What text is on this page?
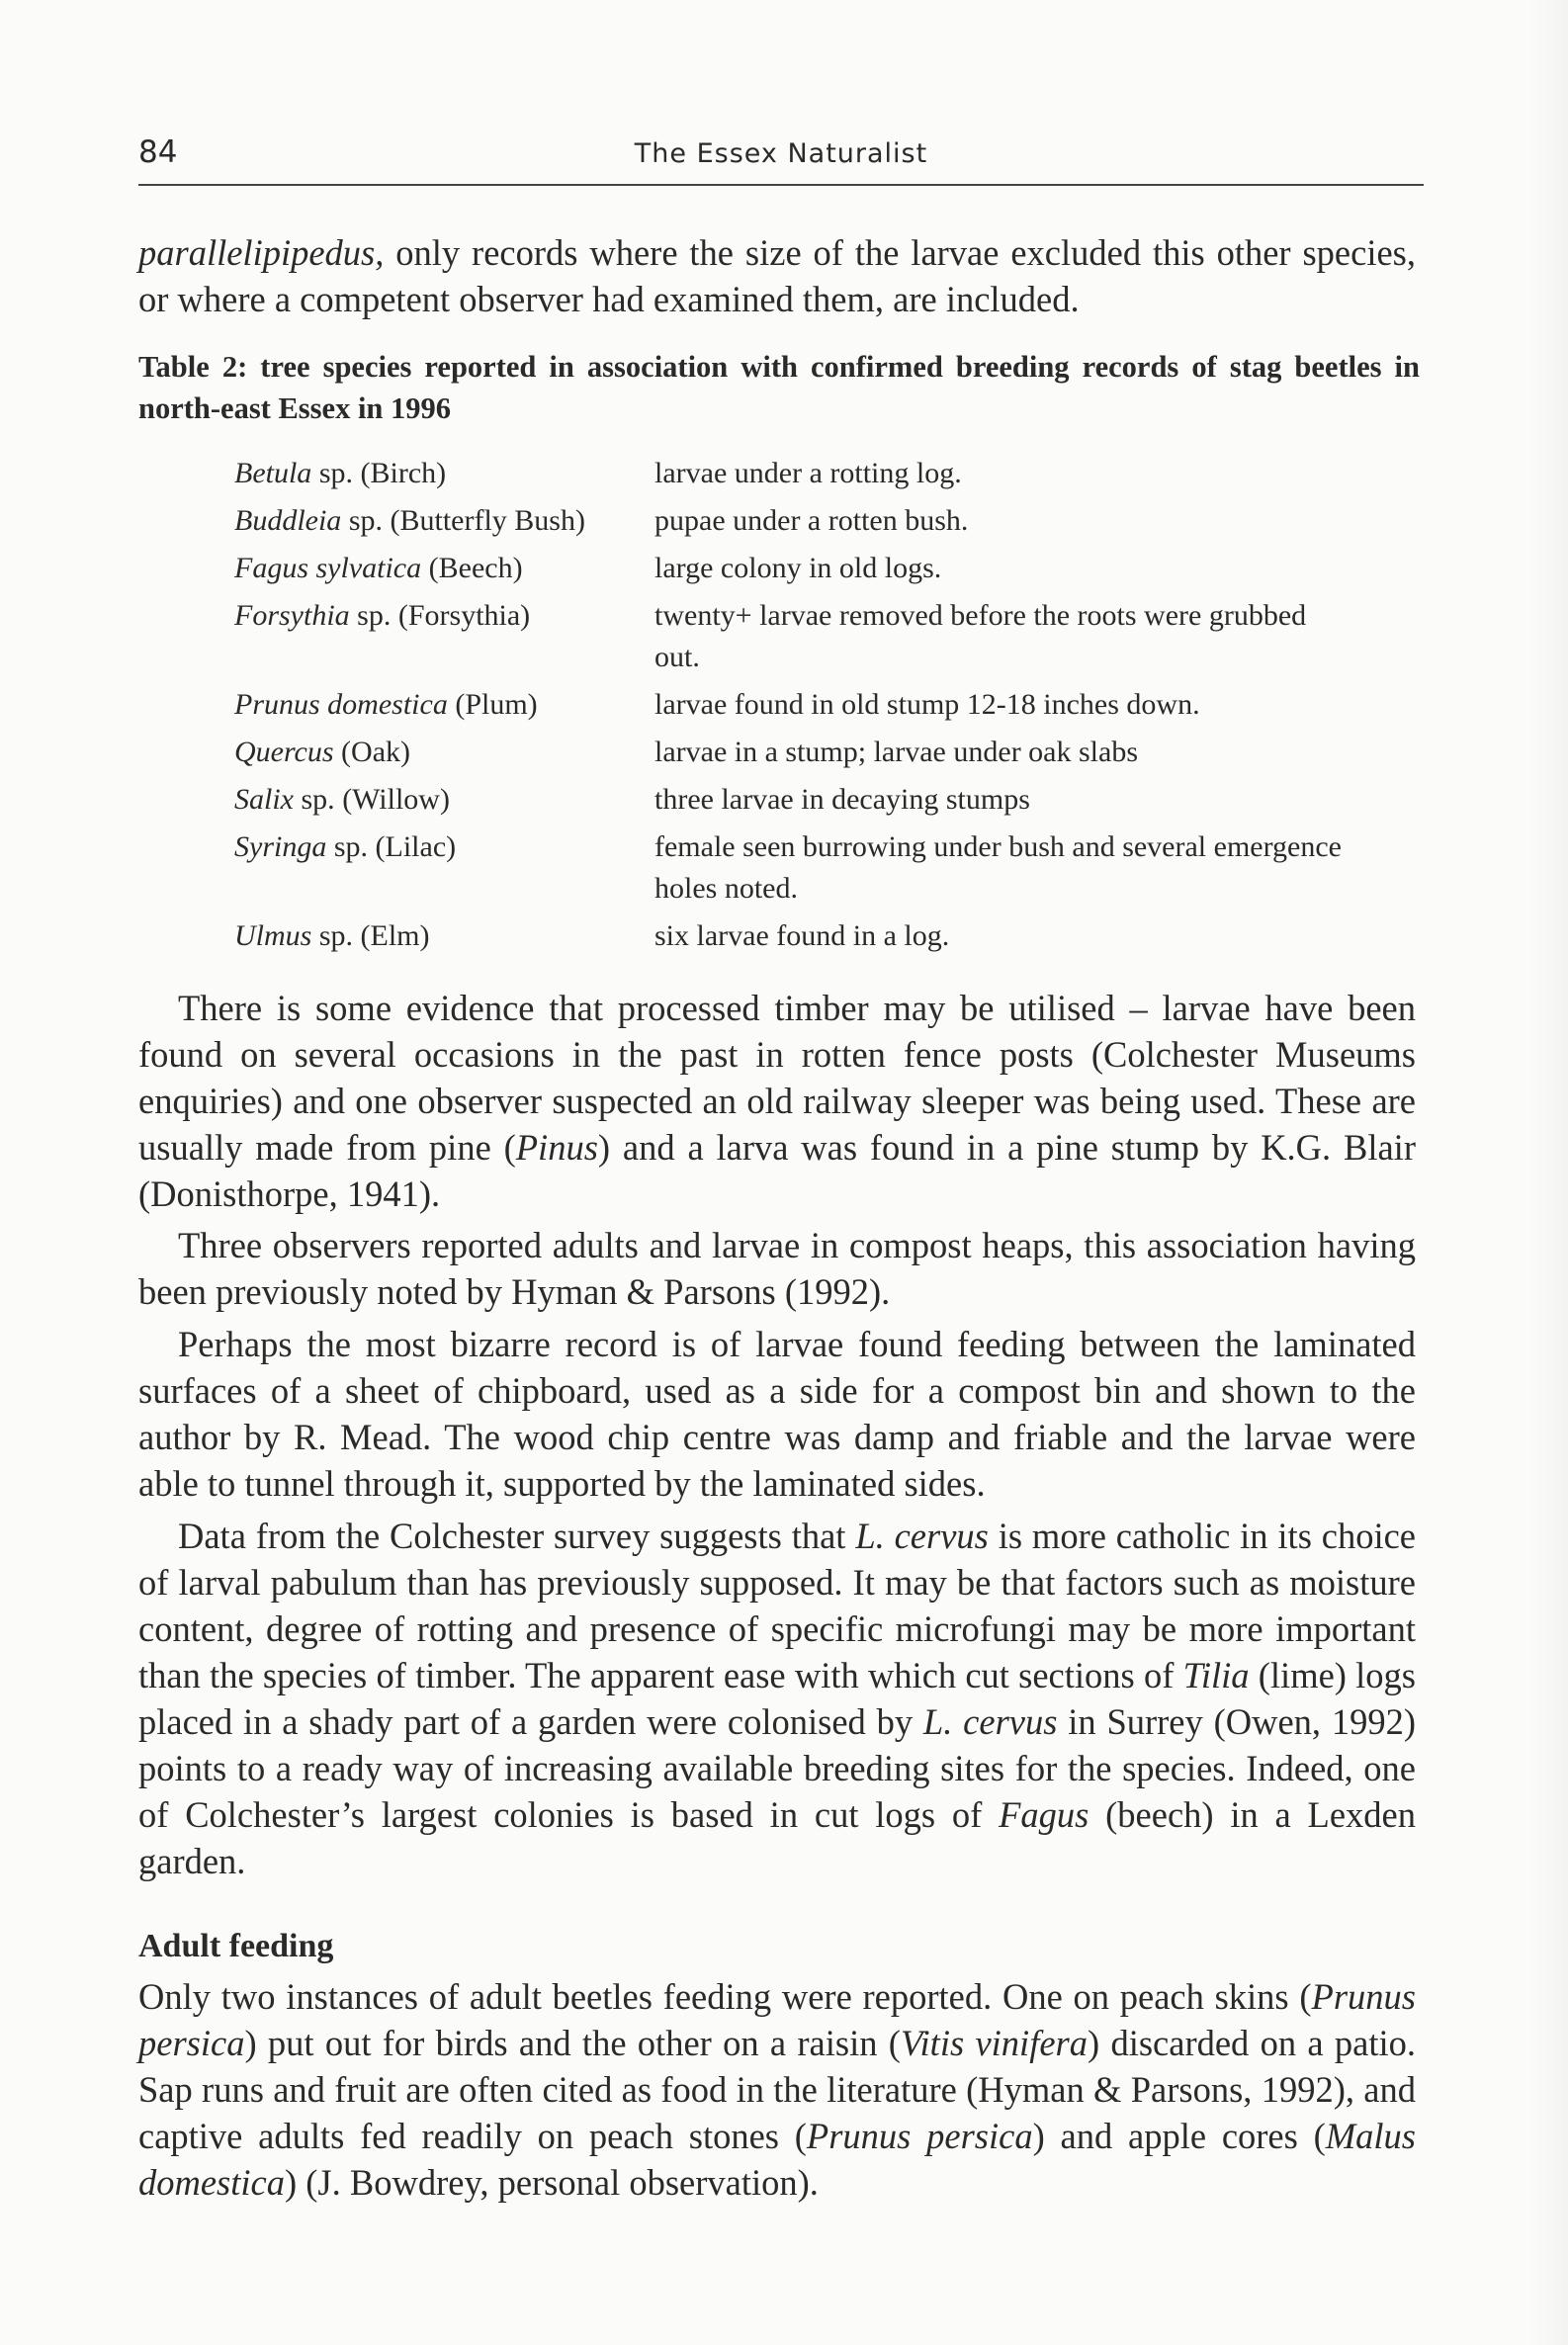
84	The Essex Naturalist

parallelipipedus, only records where the size of the larvae excluded this other species, or where a competent observer had examined them, are included.

Table 2: tree species reported in association with confirmed breeding records of stag beetles in north-east Essex in 1996

Betula sp. (Birch)	larvae under a rotting log.
Buddleia sp. (Butterfly Bush)	pupae under a rotten bush.
Fagus sylvatica (Beech)	large colony in old logs.
Forsythia sp. (Forsythia)	twenty+ larvae removed before the roots were grubbed out.
Prunus domestica (Plum)	larvae found in old stump 12-18 inches down.
Quercus (Oak)	larvae in a stump; larvae under oak slabs
Salix sp. (Willow)	three larvae in decaying stumps
Syringa sp. (Lilac)	female seen burrowing under bush and several emergence holes noted.
Ulmus sp. (Elm)	six larvae found in a log.

There is some evidence that processed timber may be utilised – larvae have been found on several occasions in the past in rotten fence posts (Colchester Museums enquiries) and one observer suspected an old railway sleeper was being used. These are usually made from pine (Pinus) and a larva was found in a pine stump by K.G. Blair (Donisthorpe, 1941).

Three observers reported adults and larvae in compost heaps, this association having been previously noted by Hyman & Parsons (1992).

Perhaps the most bizarre record is of larvae found feeding between the laminated surfaces of a sheet of chipboard, used as a side for a compost bin and shown to the author by R. Mead. The wood chip centre was damp and friable and the larvae were able to tunnel through it, supported by the laminated sides.

Data from the Colchester survey suggests that L. cervus is more catholic in its choice of larval pabulum than has previously supposed. It may be that factors such as moisture content, degree of rotting and presence of specific microfungi may be more important than the species of timber. The apparent ease with which cut sections of Tilia (lime) logs placed in a shady part of a garden were colonised by L. cervus in Surrey (Owen, 1992) points to a ready way of increasing available breeding sites for the species. Indeed, one of Colchester’s largest colonies is based in cut logs of Fagus (beech) in a Lexden garden.

Adult feeding

Only two instances of adult beetles feeding were reported. One on peach skins (Prunus persica) put out for birds and the other on a raisin (Vitis vinifera) discarded on a patio. Sap runs and fruit are often cited as food in the literature (Hyman & Parsons, 1992), and captive adults fed readily on peach stones (Prunus persica) and apple cores (Malus domestica) (J. Bowdrey, personal observation).
